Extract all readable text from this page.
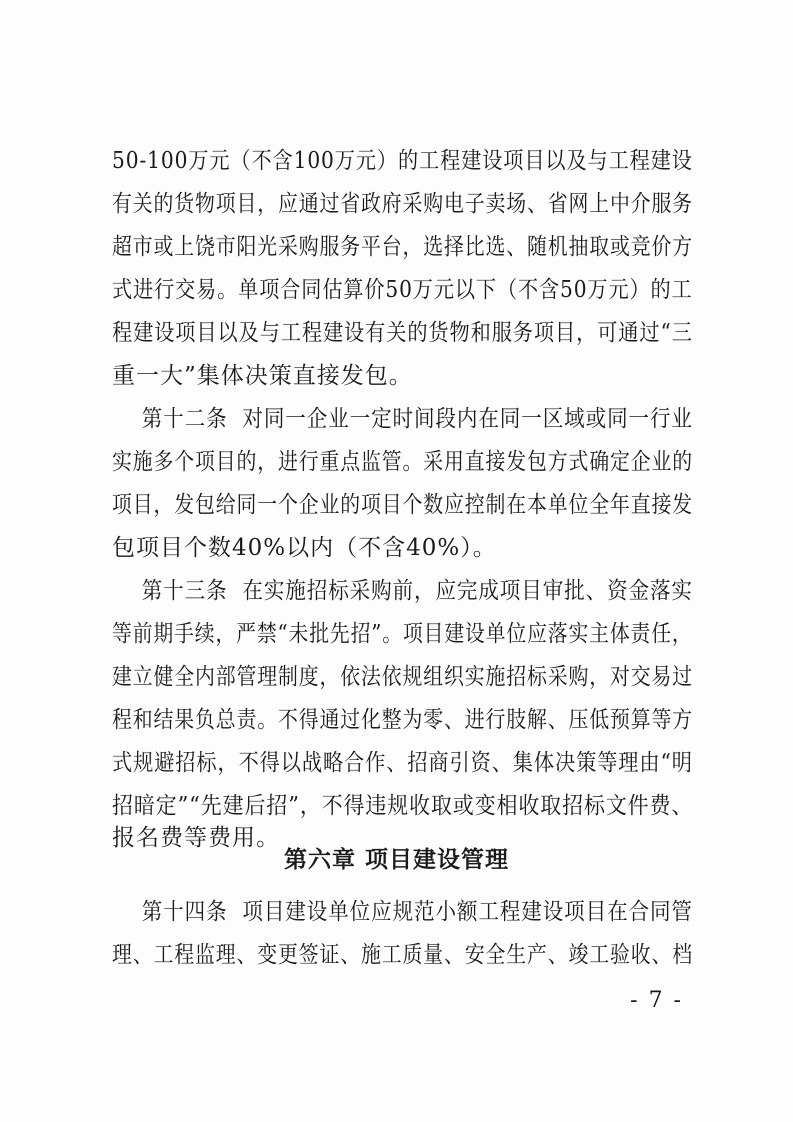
50-100万元（不含100万元）的工程建设项目以及与工程建设
有关的货物项目，应通过省政府采购电子卖场、省网上中介服务
超市或上饶市阳光采购服务平台，选择比选、随机抽取或竞价方
式进行交易。单项合同估算价50万元以下（不含50万元）的工
程建设项目以及与工程建设有关的货物和服务项目，可通过“三
重一大”集体决策直接发包。
第十二条  对同一企业一定时间段内在同一区域或同一行业
实施多个项目的，进行重点监管。采用直接发包方式确定企业的
项目，发包给同一个企业的项目个数应控制在本单位全年直接发
包项目个数40%以内（不含40%）。
第十三条  在实施招标采购前，应完成项目审批、资金落实
等前期手续，严禁“未批先招”。项目建设单位应落实主体责任，
建立健全内部管理制度，依法依规组织实施招标采购，对交易过
程和结果负总责。不得通过化整为零、进行肢解、压低预算等方
式规避招标，不得以战略合作、招商引资、集体决策等理由“明
招暗定”“先建后招”，不得违规收取或变相收取招标文件费、
报名费等费用。
第六章 项目建设管理
第十四条  项目建设单位应规范小额工程建设项目在合同管
理、工程监理、变更签证、施工质量、安全生产、竣工验收、档
- 7 -
